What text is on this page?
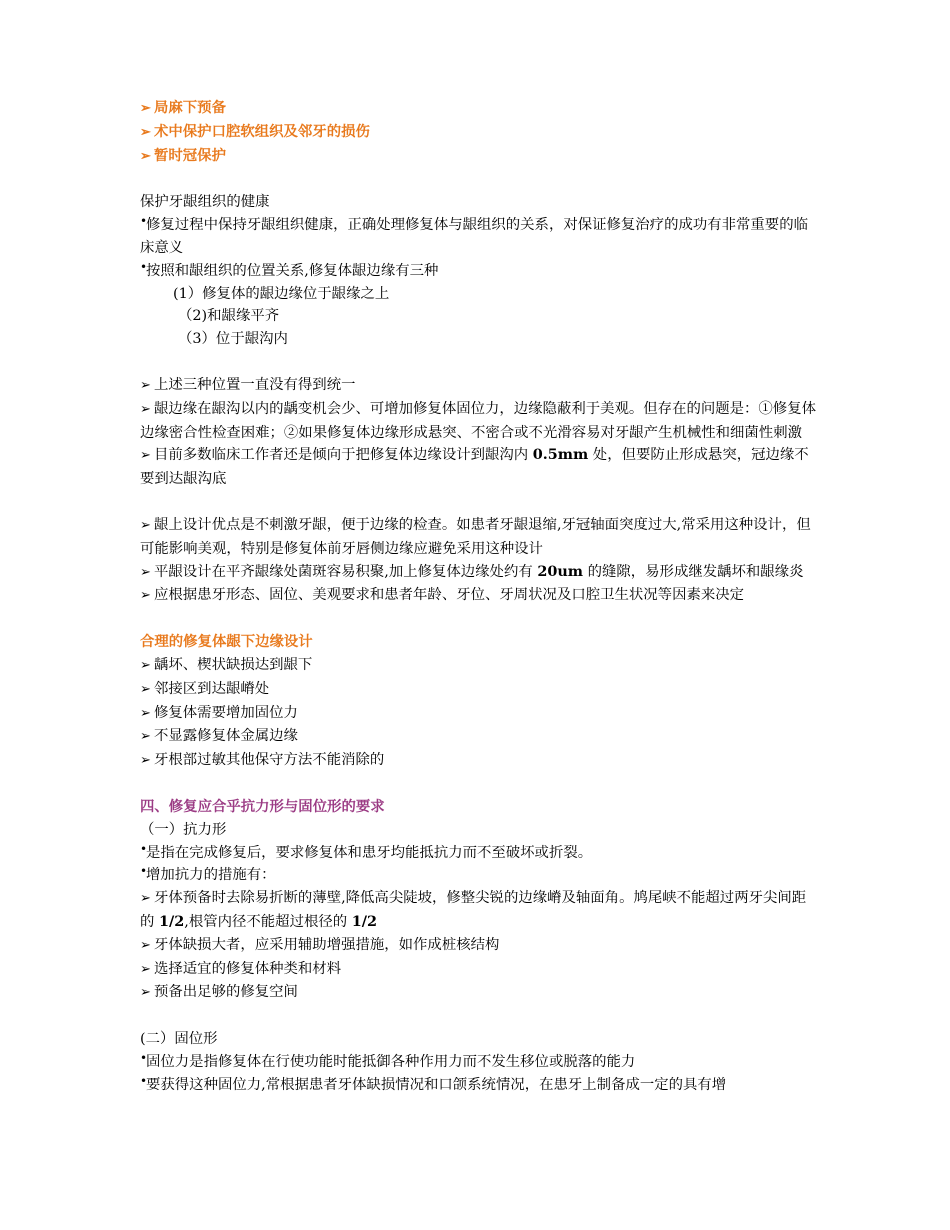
➢ 局麻下预备
➢ 术中保护口腔软组织及邻牙的损伤
➢ 暂时冠保护
保护牙龈组织的健康
•修复过程中保持牙龈组织健康，正确处理修复体与龈组织的关系，对保证修复治疗的成功有非常重要的临床意义
•按照和龈组织的位置关系,修复体龈边缘有三种
(1）修复体的龈边缘位于龈缘之上
（2)和龈缘平齐
（3）位于龈沟内
➢ 上述三种位置一直没有得到统一
➢ 龈边缘在龈沟以内的龋变机会少、可增加修复体固位力，边缘隐蔽利于美观。但存在的问题是：①修复体边缘密合性检查困难；②如果修复体边缘形成悬突、不密合或不光滑容易对牙龈产生机械性和细菌性刺激
➢ 目前多数临床工作者还是倾向于把修复体边缘设计到龈沟内 0.5mm 处，但要防止形成悬突，冠边缘不要到达龈沟底
➢ 龈上设计优点是不刺激牙龈，便于边缘的检查。如患者牙龈退缩,牙冠轴面突度过大,常采用这种设计，但可能影响美观，特别是修复体前牙唇侧边缘应避免采用这种设计
➢ 平龈设计在平齐龈缘处菌斑容易积聚,加上修复体边缘处约有 20um 的缝隙，易形成继发龋坏和龈缘炎
➢ 应根据患牙形态、固位、美观要求和患者年龄、牙位、牙周状况及口腔卫生状况等因素来决定
合理的修复体龈下边缘设计
➢ 龋坏、楔状缺损达到龈下
➢ 邻接区到达龈嵴处
➢ 修复体需要增加固位力
➢ 不显露修复体金属边缘
➢ 牙根部过敏其他保守方法不能消除的
四、修复应合乎抗力形与固位形的要求
（一）抗力形
•是指在完成修复后，要求修复体和患牙均能抵抗力而不至破坏或折裂。
•增加抗力的措施有：
➢ 牙体预备时去除易折断的薄壁,降低高尖陡坡，修整尖锐的边缘嵴及轴面角。鸠尾峡不能超过两牙尖间距的 1/2,根管内径不能超过根径的 1/2
➢ 牙体缺损大者，应采用辅助增强措施，如作成桩核结构
➢ 选择适宜的修复体种类和材料
➢ 预备出足够的修复空间
(二）固位形
•固位力是指修复体在行使功能时能抵御各种作用力而不发生移位或脱落的能力
•要获得这种固位力,常根据患者牙体缺损情况和口颌系统情况，在患牙上制备成一定的具有增
